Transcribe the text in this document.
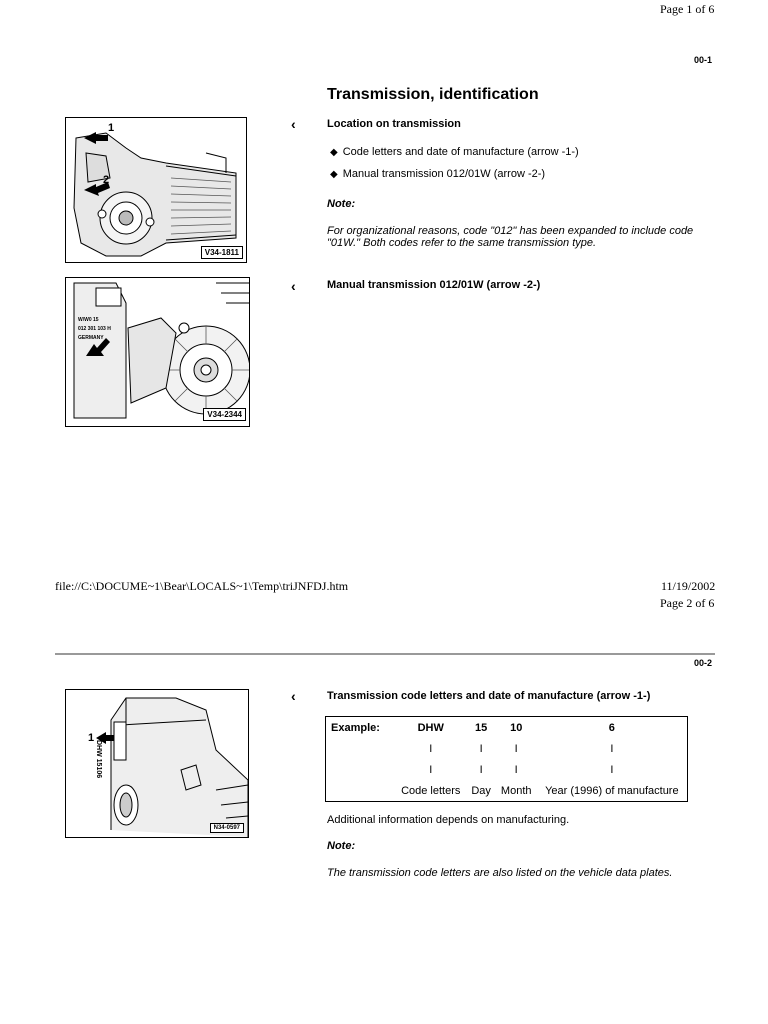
Page 1 of 6
00-1
Transmission, identification
1
2
V34-1811
‹	Location on transmission
◆ Code letters and date of manufacture (arrow -1-)
◆ Manual transmission 012/01W (arrow -2-)
Note:
For organizational reasons, code "012" has been expanded to include code "01W." Both codes refer to the same transmission type.
W/W0 15
012 301 103 H
GERMANY
V34-2344
‹	Manual transmission 012/01W (arrow -2-)
file://C:\DOCUME~1\Bear\LOCALS~1\Temp\triJNFDJ.htm	11/19/2002
Page 2 of 6
00-2
1
DHW 15106
N34-0597
‹	Transmission code letters and date of manufacture (arrow -1-)
Example:	DHW	15	10	6
	I	I	I	I
	I	I	I	I
	Code letters	Day	Month	Year (1996) of manufacture
Additional information depends on manufacturing.
Note:
The transmission code letters are also listed on the vehicle data plates.
